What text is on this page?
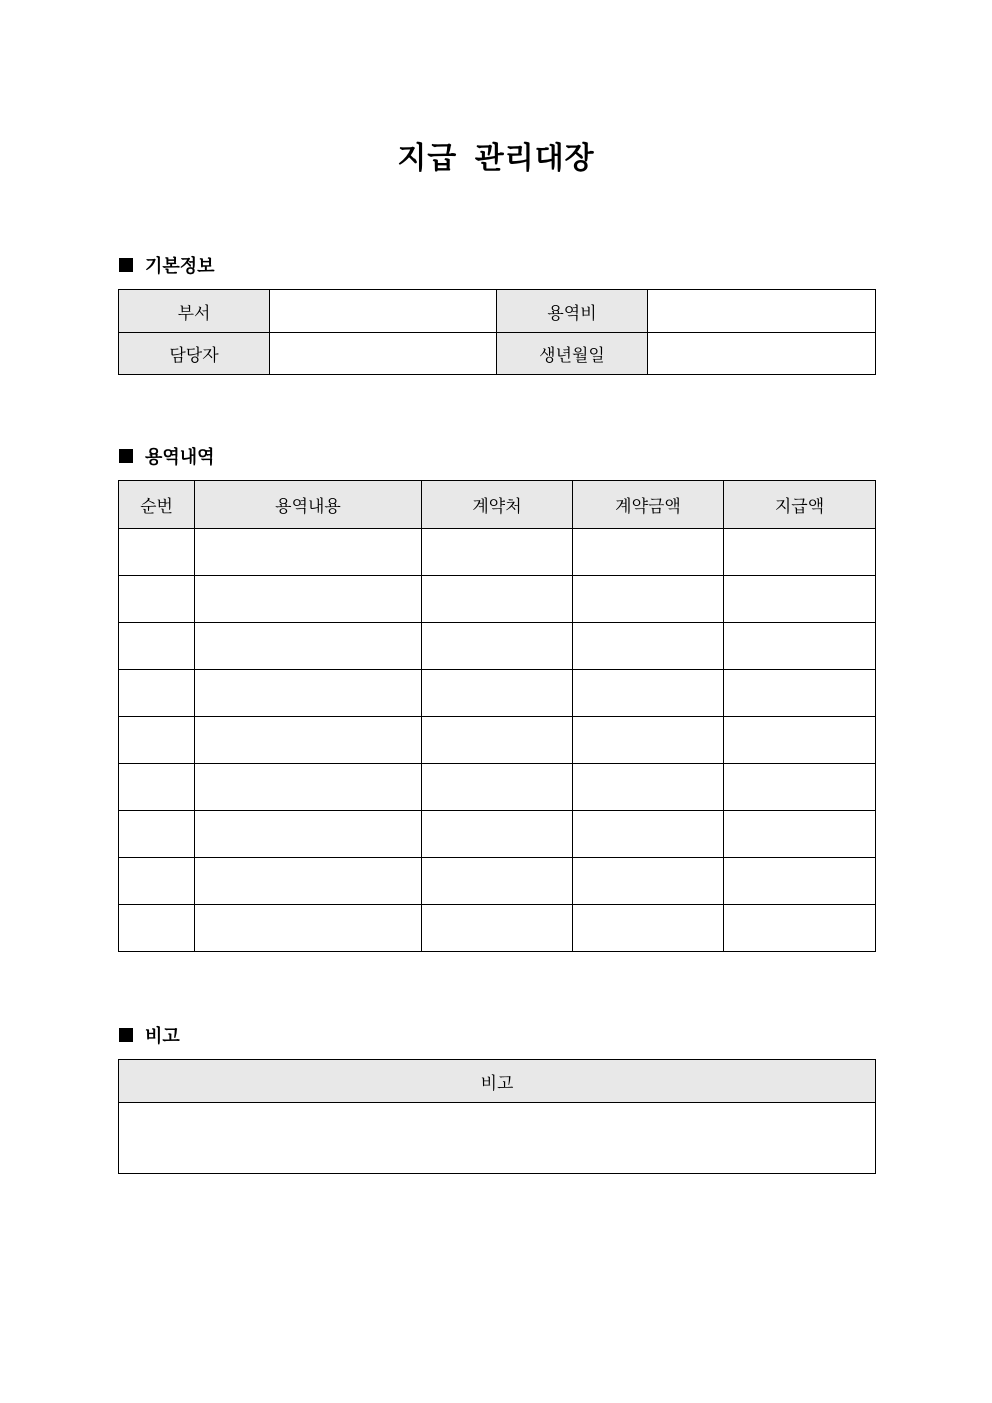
지급 관리대장
기본정보
부서		용역비	
담당자		생년월일	
용역내역
순번	용역내용	계약처	계약금액	지급액

비고
비고
